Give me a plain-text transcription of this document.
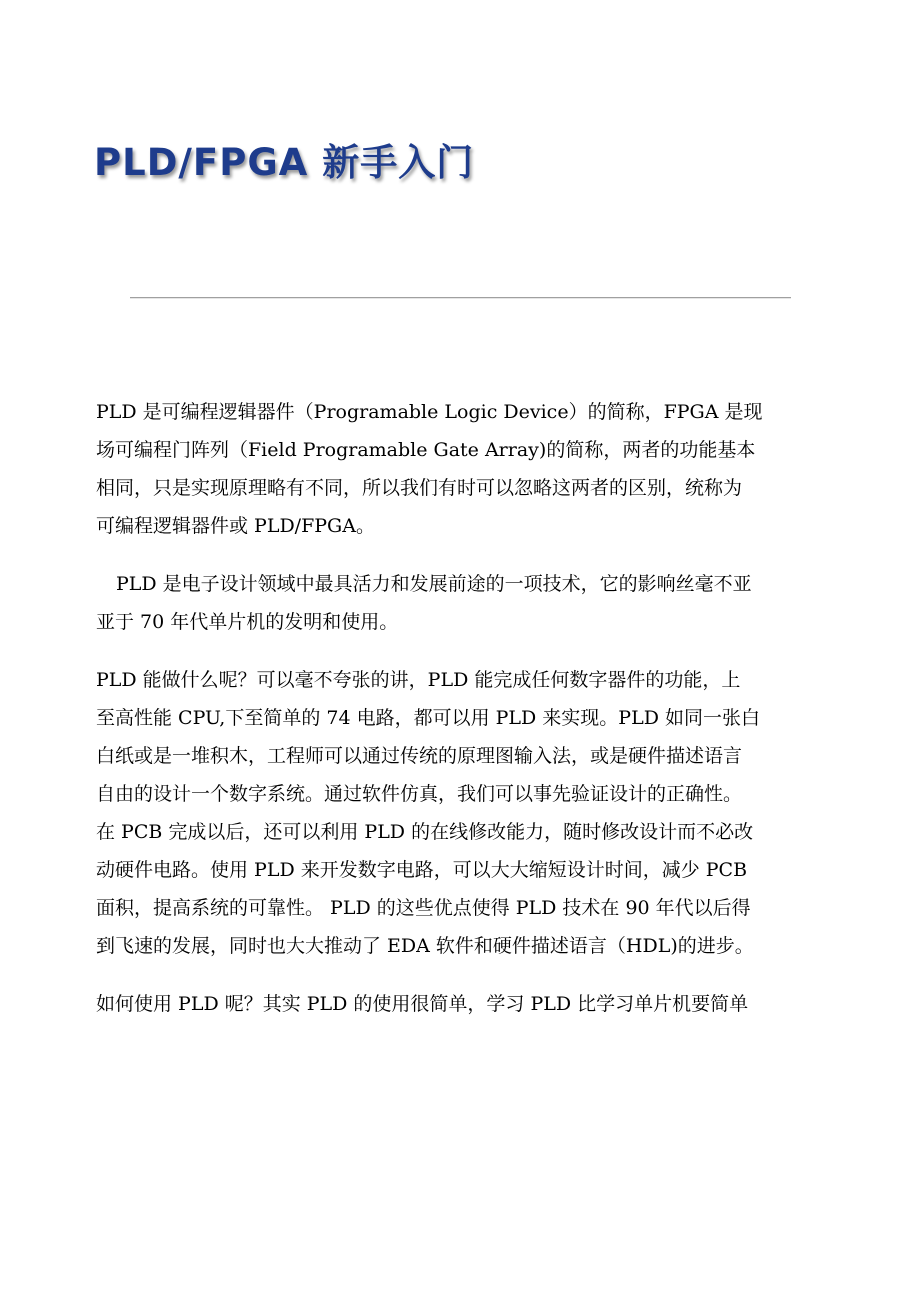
PLD/FPGA 新手入门
PLD 是可编程逻辑器件（Programable Logic Device）的简称，FPGA 是现
场可编程门阵列（Field Programable Gate Array)的简称，两者的功能基本
相同，只是实现原理略有不同，所以我们有时可以忽略这两者的区别，统称为
可编程逻辑器件或 PLD/FPGA。
PLD 是电子设计领域中最具活力和发展前途的一项技术，它的影响丝毫不亚
亚于 70 年代单片机的发明和使用。
PLD 能做什么呢？可以毫不夸张的讲，PLD 能完成任何数字器件的功能，上
至高性能 CPU,下至简单的 74 电路，都可以用 PLD 来实现。PLD 如同一张白
白纸或是一堆积木，工程师可以通过传统的原理图输入法，或是硬件描述语言
自由的设计一个数字系统。通过软件仿真，我们可以事先验证设计的正确性。
在 PCB 完成以后，还可以利用 PLD 的在线修改能力，随时修改设计而不必改
动硬件电路。使用 PLD 来开发数字电路，可以大大缩短设计时间，减少 PCB
面积，提高系统的可靠性。 PLD 的这些优点使得 PLD 技术在 90 年代以后得
到飞速的发展，同时也大大推动了 EDA 软件和硬件描述语言（HDL)的进步。
如何使用 PLD 呢？其实 PLD 的使用很简单，学习 PLD 比学习单片机要简单
